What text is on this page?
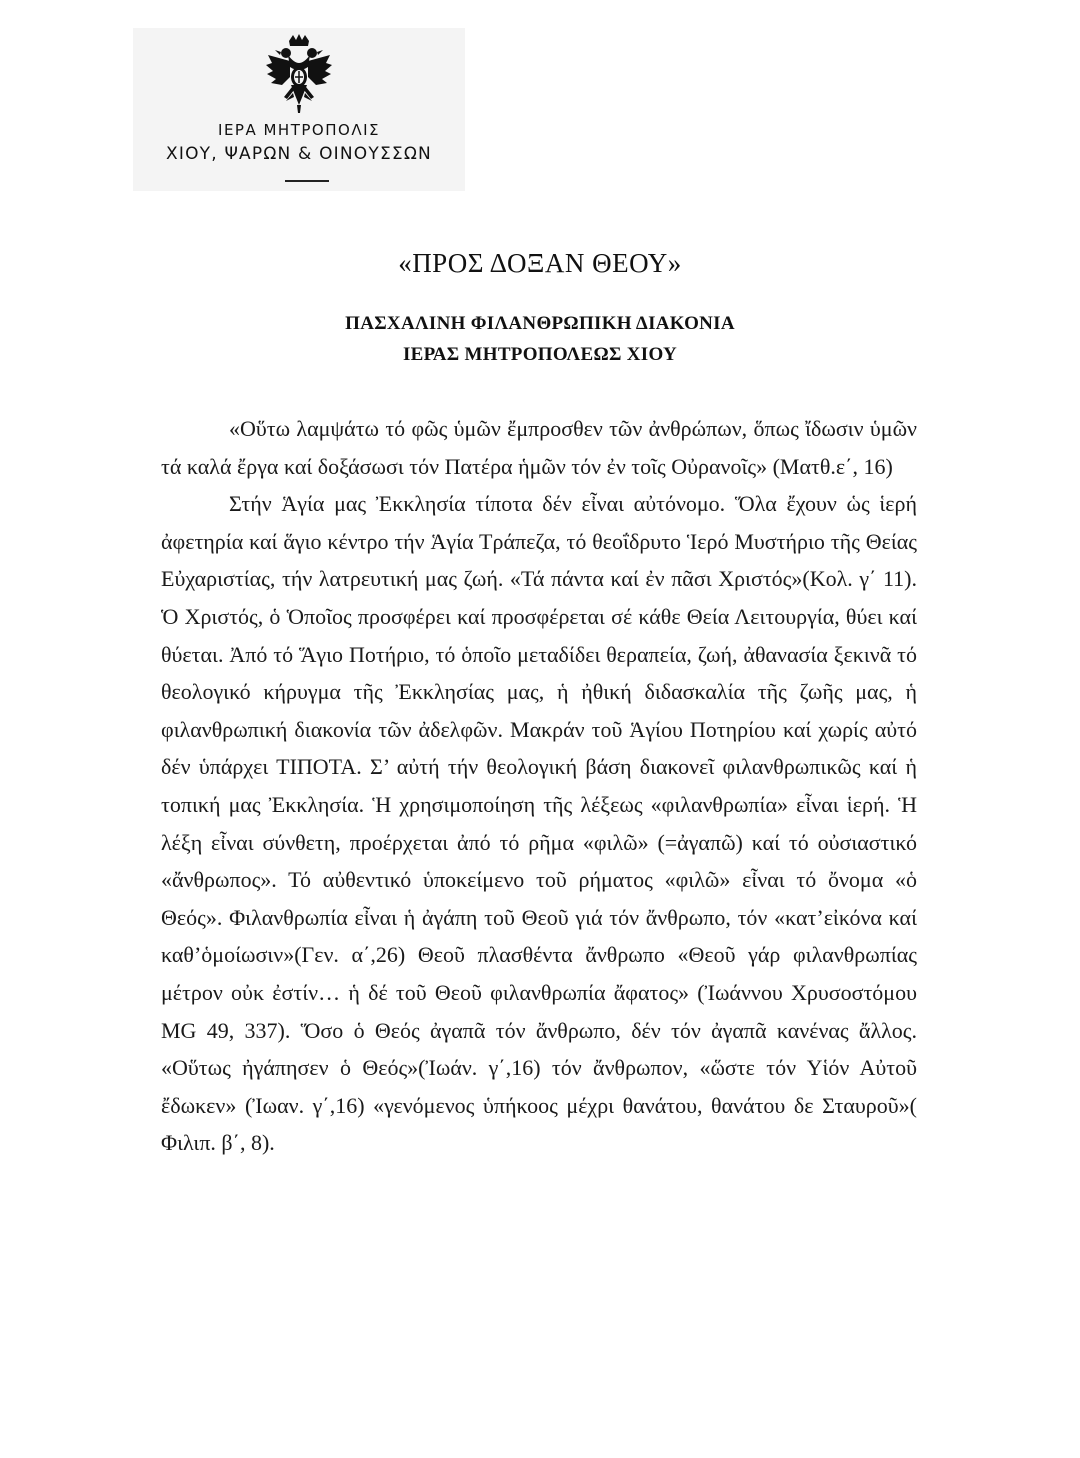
ΙΕΡΑ ΜΗΤΡΟΠΟΛΙΣ
ΧΙΟΥ, ΨΑΡΩΝ & ΟΙΝΟΥΣΣΩΝ
«ΠΡΟΣ ΔΟΞΑΝ ΘΕΟΥ»
ΠΑΣΧΑΛΙΝΗ ΦΙΛΑΝΘΡΩΠΙΚΗ ΔΙΑΚΟΝΙΑ
ΙΕΡΑΣ ΜΗΤΡΟΠΟΛΕΩΣ ΧΙΟΥ

«Οὕτω λαμψάτω τό φῶς ὑμῶν ἔμπροσθεν τῶν ἀνθρώπων, ὅπως ἴδωσιν ὑμῶν τά καλά ἔργα καί δοξάσωσι τόν Πατέρα ἡμῶν τόν ἐν τοῖς Οὐρανοῖς» (Ματθ.ε΄, 16)

Στήν Ἁγία μας Ἐκκλησία τίποτα δέν εἶναι αὐτόνομο. Ὅλα ἔχουν ὡς ἱερή ἀφετηρία καί ἅγιο κέντρο τήν Ἁγία Τράπεζα, τό θεοΐδρυτο Ἱερό Μυστήριο τῆς Θείας Εὐχαριστίας, τήν λατρευτική μας ζωή. «Τά πάντα καί ἐν πᾶσι Χριστός»(Κολ. γ΄ 11). Ὁ Χριστός, ὁ Ὁποῖος προσφέρει καί προσφέρεται σέ κάθε Θεία Λειτουργία, θύει καί θύεται. Ἀπό τό Ἅγιο Ποτήριο, τό ὁποῖο μεταδίδει θεραπεία, ζωή, ἀθανασία ξεκινᾶ τό θεολογικό κήρυγμα τῆς Ἐκκλησίας μας, ἡ ἠθική διδασκαλία τῆς ζωῆς μας, ἡ φιλανθρωπική διακονία τῶν ἀδελφῶν. Μακράν τοῦ Ἁγίου Ποτηρίου καί χωρίς αὐτό δέν ὑπάρχει ΤΙΠΟΤΑ. Σ’ αὐτή τήν θεολογική βάση διακονεῖ φιλανθρωπικῶς καί ἡ τοπική μας Ἐκκλησία. Ἡ χρησιμοποίηση τῆς λέξεως «φιλανθρωπία» εἶναι ἱερή. Ἡ λέξη εἶναι σύνθετη, προέρχεται ἀπό τό ρῆμα «φιλῶ» (=ἀγαπῶ) καί τό οὐσιαστικό «ἄνθρωπος». Τό αὐθεντικό ὑποκείμενο τοῦ ρήματος «φιλῶ» εἶναι τό ὄνομα «ὁ Θεός». Φιλανθρωπία εἶναι ἡ ἀγάπη τοῦ Θεοῦ γιά τόν ἄνθρωπο, τόν «κατ’εἰκόνα καί καθ’ὁμοίωσιν»(Γεν. α΄,26) Θεοῦ πλασθέντα ἄνθρωπο «Θεοῦ γάρ φιλανθρωπίας μέτρον οὐκ ἐστίν… ἡ δέ τοῦ Θεοῦ φιλανθρωπία ἄφατος» (Ἰωάννου Χρυσοστόμου MG 49, 337). Ὅσο ὁ Θεός ἀγαπᾶ τόν ἄνθρωπο, δέν τόν ἀγαπᾶ κανένας ἄλλος. «Οὕτως ἠγάπησεν ὁ Θεός»(Ἰωάν. γ΄,16) τόν ἄνθρωπον, «ὥστε τόν Υἱόν Αὐτοῦ ἔδωκεν» (Ἰωαν. γ΄,16) «γενόμενος ὑπήκοος μέχρι θανάτου, θανάτου δε Σταυροῦ»( Φιλιπ. β΄, 8).
